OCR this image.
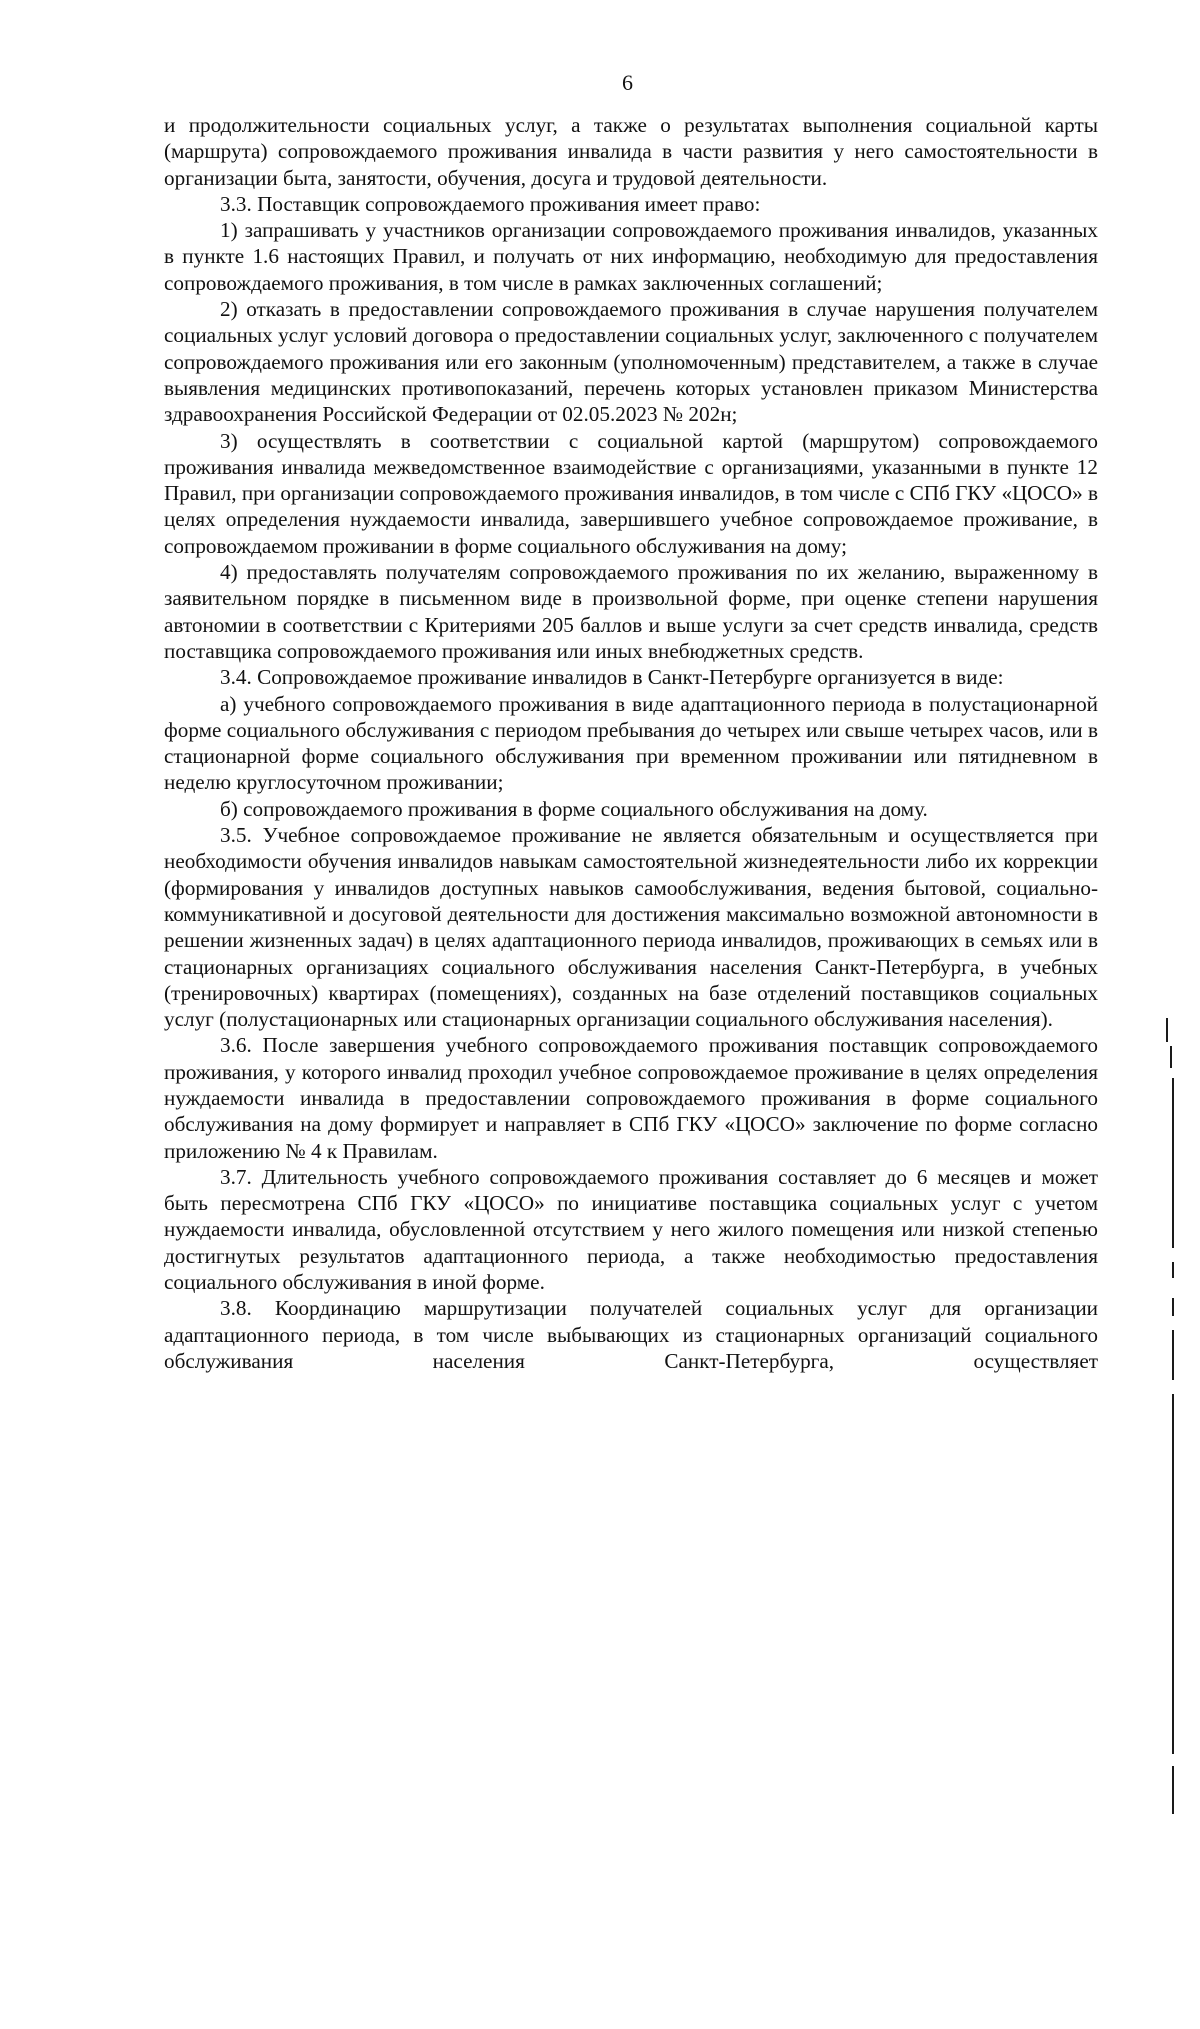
6

и продолжительности социальных услуг, а также о результатах выполнения социальной карты (маршрута) сопровождаемого проживания инвалида в части развития у него самостоятельности в организации быта, занятости, обучения, досуга и трудовой деятельности.

3.3. Поставщик сопровождаемого проживания имеет право:

1) запрашивать у участников организации сопровождаемого проживания инвалидов, указанных в пункте 1.6 настоящих Правил, и получать от них информацию, необходимую для предоставления сопровождаемого проживания, в том числе в рамках заключенных соглашений;

2) отказать в предоставлении сопровождаемого проживания в случае нарушения получателем социальных услуг условий договора о предоставлении социальных услуг, заключенного с получателем сопровождаемого проживания или его законным (уполномоченным) представителем, а также в случае выявления медицинских противопоказаний, перечень которых установлен приказом Министерства здравоохранения Российской Федерации от 02.05.2023 № 202н;

3) осуществлять в соответствии с социальной картой (маршрутом) сопровождаемого проживания инвалида межведомственное взаимодействие с организациями, указанными в пункте 12 Правил, при организации сопровождаемого проживания инвалидов, в том числе с СПб ГКУ «ЦОСО» в целях определения нуждаемости инвалида, завершившего учебное сопровождаемое проживание, в сопровождаемом проживании в форме социального обслуживания на дому;

4) предоставлять получателям сопровождаемого проживания по их желанию, выраженному в заявительном порядке в письменном виде в произвольной форме, при оценке степени нарушения автономии в соответствии с Критериями 205 баллов и выше услуги за счет средств инвалида, средств поставщика сопровождаемого проживания или иных внебюджетных средств.

3.4. Сопровождаемое проживание инвалидов в Санкт-Петербурге организуется в виде:

а) учебного сопровождаемого проживания в виде адаптационного периода в полустационарной форме социального обслуживания с периодом пребывания до четырех или свыше четырех часов, или в стационарной форме социального обслуживания при временном проживании или пятидневном в неделю круглосуточном проживании;

б) сопровождаемого проживания в форме социального обслуживания на дому.

3.5. Учебное сопровождаемое проживание не является обязательным и осуществляется при необходимости обучения инвалидов навыкам самостоятельной жизнедеятельности либо их коррекции (формирования у инвалидов доступных навыков самообслуживания, ведения бытовой, социально-коммуникативной и досуговой деятельности для достижения максимально возможной автономности в решении жизненных задач) в целях адаптационного периода инвалидов, проживающих в семьях или в стационарных организациях социального обслуживания населения Санкт-Петербурга, в учебных (тренировочных) квартирах (помещениях), созданных на базе отделений поставщиков социальных услуг (полустационарных или стационарных организации социального обслуживания населения).

3.6. После завершения учебного сопровождаемого проживания поставщик сопровождаемого проживания, у которого инвалид проходил учебное сопровождаемое проживание в целях определения нуждаемости инвалида в предоставлении сопровождаемого проживания в форме социального обслуживания на дому формирует и направляет в СПб ГКУ «ЦОСО» заключение по форме согласно приложению № 4 к Правилам.

3.7. Длительность учебного сопровождаемого проживания составляет до 6 месяцев и может быть пересмотрена СПб ГКУ «ЦОСО» по инициативе поставщика социальных услуг с учетом нуждаемости инвалида, обусловленной отсутствием у него жилого помещения или низкой степенью достигнутых результатов адаптационного периода, а также необходимостью предоставления социального обслуживания в иной форме.

3.8. Координацию маршрутизации получателей социальных услуг для организации адаптационного периода, в том числе выбывающих из стационарных организаций социального обслуживания населения Санкт-Петербурга, осуществляет
